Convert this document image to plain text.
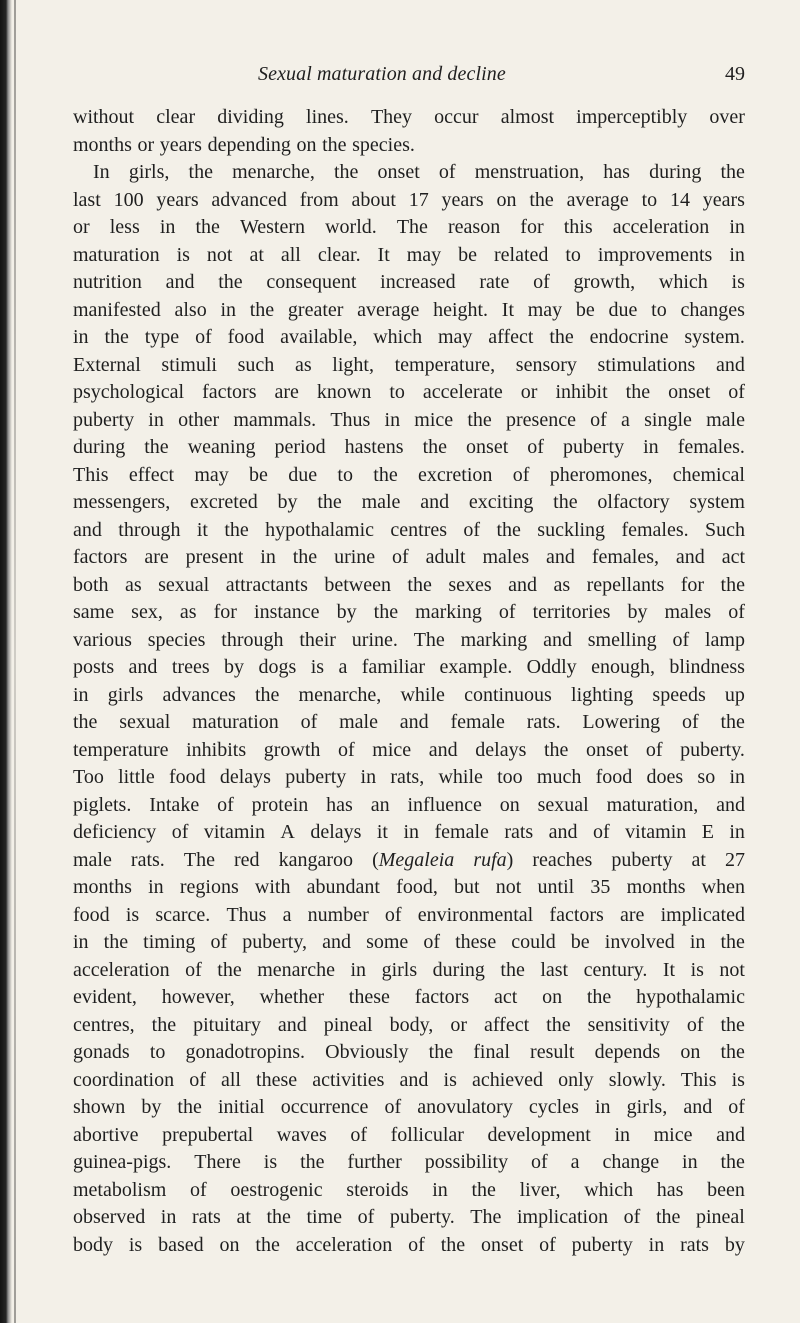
Sexual maturation and decline	49
without clear dividing lines. They occur almost imperceptibly over
months or years depending on the species.
In girls, the menarche, the onset of menstruation, has during the
last 100 years advanced from about 17 years on the average to 14 years
or less in the Western world. The reason for this acceleration in
maturation is not at all clear. It may be related to improvements in
nutrition and the consequent increased rate of growth, which is
manifested also in the greater average height. It may be due to changes
in the type of food available, which may affect the endocrine system.
External stimuli such as light, temperature, sensory stimulations and
psychological factors are known to accelerate or inhibit the onset of
puberty in other mammals. Thus in mice the presence of a single male
during the weaning period hastens the onset of puberty in females.
This effect may be due to the excretion of pheromones, chemical
messengers, excreted by the male and exciting the olfactory system
and through it the hypothalamic centres of the suckling females. Such
factors are present in the urine of adult males and females, and act
both as sexual attractants between the sexes and as repellants for the
same sex, as for instance by the marking of territories by males of
various species through their urine. The marking and smelling of lamp
posts and trees by dogs is a familiar example. Oddly enough, blindness
in girls advances the menarche, while continuous lighting speeds up
the sexual maturation of male and female rats. Lowering of the
temperature inhibits growth of mice and delays the onset of puberty.
Too little food delays puberty in rats, while too much food does so in
piglets. Intake of protein has an influence on sexual maturation, and
deficiency of vitamin A delays it in female rats and of vitamin E in
male rats. The red kangaroo (Megaleia rufa) reaches puberty at 27
months in regions with abundant food, but not until 35 months when
food is scarce. Thus a number of environmental factors are implicated
in the timing of puberty, and some of these could be involved in the
acceleration of the menarche in girls during the last century. It is not
evident, however, whether these factors act on the hypothalamic
centres, the pituitary and pineal body, or affect the sensitivity of the
gonads to gonadotropins. Obviously the final result depends on the
coordination of all these activities and is achieved only slowly. This is
shown by the initial occurrence of anovulatory cycles in girls, and of
abortive prepubertal waves of follicular development in mice and
guinea-pigs. There is the further possibility of a change in the
metabolism of oestrogenic steroids in the liver, which has been
observed in rats at the time of puberty. The implication of the pineal
body is based on the acceleration of the onset of puberty in rats by
